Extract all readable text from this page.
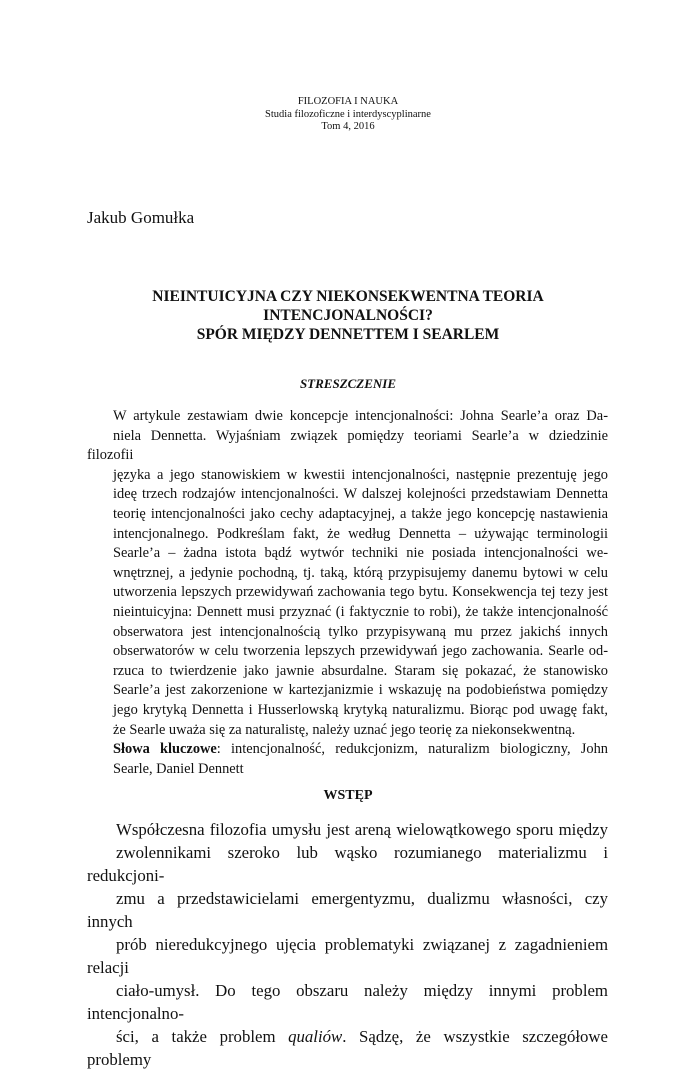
FILOZOFIA I NAUKA
Studia filozoficzne i interdyscyplinarne
Tom 4, 2016
Jakub Gomułka
NIEINTUICYJNA CZY NIEKONSEKWENTNA TEORIA
INTENCJONALNOŚCI?
SPÓR MIĘDZY DENNETTEM I SEARLEM
STRESZCZENIE

W artykule zestawiam dwie koncepcje intencjonalności: Johna Searle’a oraz Da-
niela Dennetta. Wyjaśniam związek pomiędzy teoriami Searle’a w dziedzinie filozofii
języka a jego stanowiskiem w kwestii intencjonalności, następnie prezentuję jego
ideę trzech rodzajów intencjonalności. W dalszej kolejności przedstawiam Dennetta
teorię intencjonalności jako cechy adaptacyjnej, a także jego koncepcję nastawienia
intencjonalnego. Podkreślam fakt, że według Dennetta – używając terminologii
Searle’a – żadna istota bądź wytwór techniki nie posiada intencjonalności we-
wnętrznej, a jedynie pochodną, tj. taką, którą przypisujemy danemu bytowi w celu
utworzenia lepszych przewidywań zachowania tego bytu. Konsekwencja tej tezy jest
nieintuicyjna: Dennett musi przyznać (i faktycznie to robi), że także intencjonalność
obserwatora jest intencjonalnością tylko przypisywaną mu przez jakichś innych
obserwatorów w celu tworzenia lepszych przewidywań jego zachowania. Searle od-
rzuca to twierdzenie jako jawnie absurdalne. Staram się pokazać, że stanowisko
Searle’a jest zakorzenione w kartezjanizmie i wskazuję na podobieństwa pomiędzy
jego krytyką Dennetta i Husserlowską krytyką naturalizmu. Biorąc pod uwagę fakt,
że Searle uważa się za naturalistę, należy uznać jego teorię za niekonsekwentną.

Słowa kluczowe: intencjonalność, redukcjonizm, naturalizm biologiczny, John
Searle, Daniel Dennett

WSTĘP

Współczesna filozofia umysłu jest areną wielowątkowego sporu między
zwolennikami szeroko lub wąsko rozumianego materializmu i redukcjoni-
zmu a przedstawicielami emergentyzmu, dualizmu własności, czy innych
prób nieredukcyjnego ujęcia problematyki związanej z zagadnieniem relacji
ciało-umysł. Do tego obszaru należy między innymi problem intencjonalno-
ści, a także problem qualiów. Sądzę, że wszystkie szczegółowe problemy
